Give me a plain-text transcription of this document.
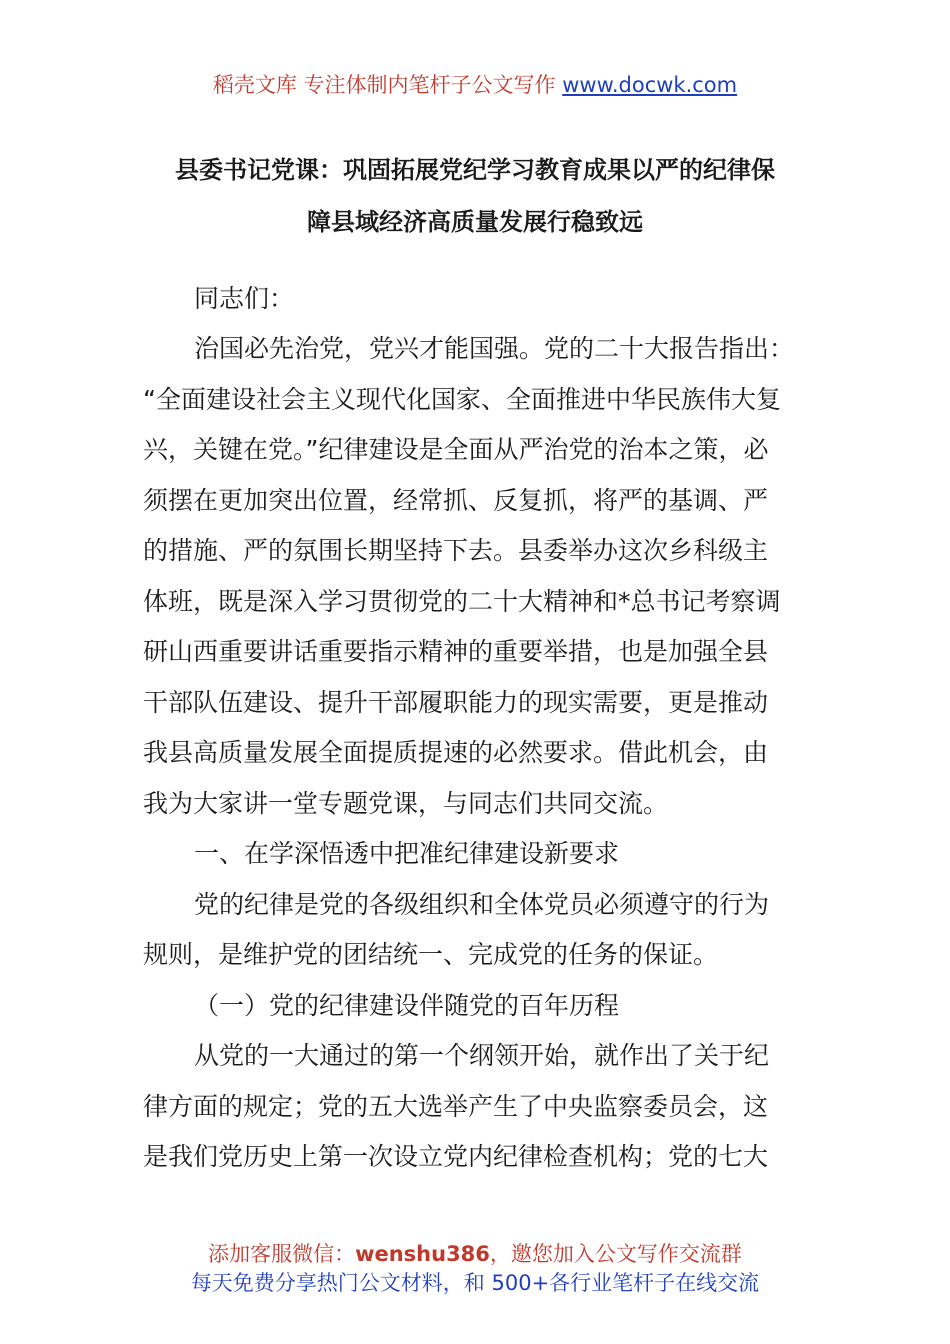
稻壳文库 专注体制内笔杆子公文写作 www.docwk.com
县委书记党课：巩固拓展党纪学习教育成果以严的纪律保
障县域经济高质量发展行稳致远
同志们：
治国必先治党，党兴才能国强。党的二十大报告指出：
“全面建设社会主义现代化国家、全面推进中华民族伟大复
兴，关键在党。”纪律建设是全面从严治党的治本之策，必
须摆在更加突出位置，经常抓、反复抓，将严的基调、严
的措施、严的氛围长期坚持下去。县委举办这次乡科级主
体班，既是深入学习贯彻党的二十大精神和*总书记考察调
研山西重要讲话重要指示精神的重要举措，也是加强全县
干部队伍建设、提升干部履职能力的现实需要，更是推动
我县高质量发展全面提质提速的必然要求。借此机会，由
我为大家讲一堂专题党课，与同志们共同交流。
一、在学深悟透中把准纪律建设新要求
党的纪律是党的各级组织和全体党员必须遵守的行为
规则，是维护党的团结统一、完成党的任务的保证。
（一）党的纪律建设伴随党的百年历程
从党的一大通过的第一个纲领开始，就作出了关于纪
律方面的规定；党的五大选举产生了中央监察委员会，这
是我们党历史上第一次设立党内纪律检查机构；党的七大
添加客服微信：wenshu386，邀您加入公文写作交流群
每天免费分享热门公文材料，和 500+各行业笔杆子在线交流
